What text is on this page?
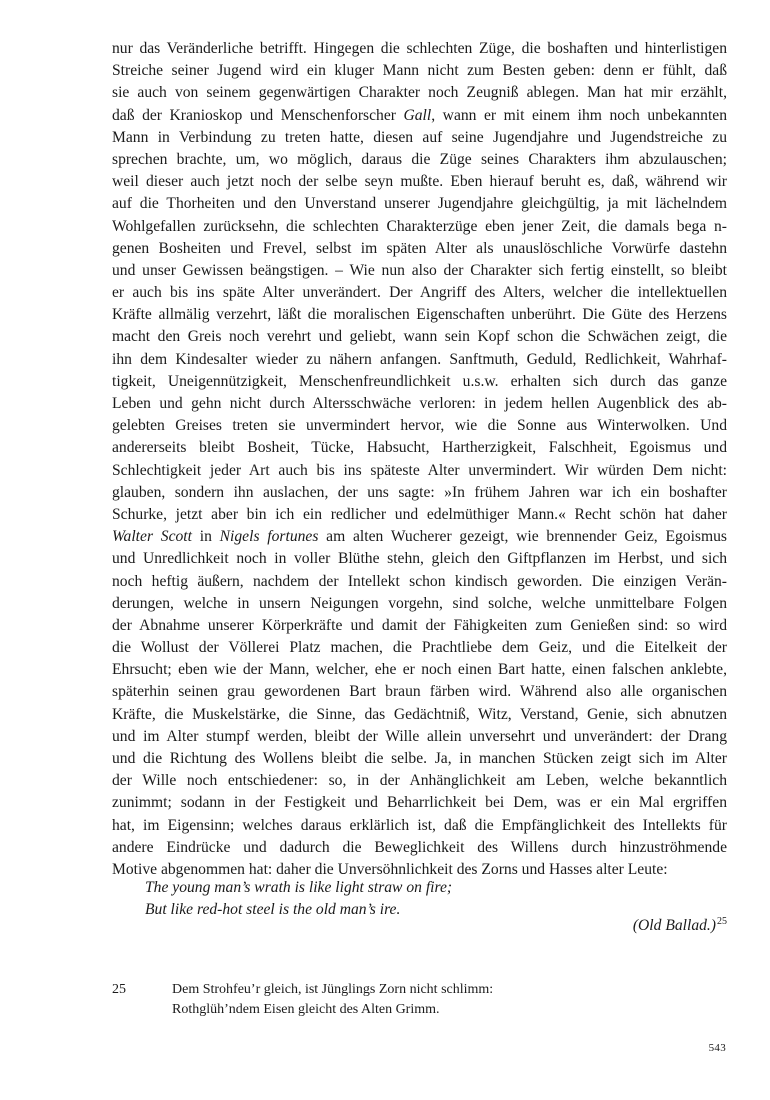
nur das Veränderliche betrifft. Hingegen die schlechten Züge, die boshaften und hinterlistigen
Streiche seiner Jugend wird ein kluger Mann nicht zum Besten geben: denn er fühlt, daß
sie auch von seinem gegenwärtigen Charakter noch Zeugniß ablegen. Man hat mir erzählt,
daß der Kranioskop und Menschenforscher Gall, wann er mit einem ihm noch unbekannten
Mann in Verbindung zu treten hatte, diesen auf seine Jugendjahre und Jugendstreiche zu
sprechen brachte, um, wo möglich, daraus die Züge seines Charakters ihm abzulauschen;
weil dieser auch jetzt noch der selbe seyn mußte. Eben hierauf beruht es, daß, während wir
auf die Thorheiten und den Unverstand unserer Jugendjahre gleichgültig, ja mit lächelndem
Wohlgefallen zurücksehn, die schlechten Charakterzüge eben jener Zeit, die damals bega n-
genen Bosheiten und Frevel, selbst im späten Alter als unauslöschliche Vorwürfe dastehn
und unser Gewissen beängstigen. – Wie nun also der Charakter sich fertig einstellt, so bleibt
er auch bis ins späte Alter unverändert. Der Angriff des Alters, welcher die intellektuellen
Kräfte allmälig verzehrt, läßt die moralischen Eigenschaften unberührt. Die Güte des Herzens
macht den Greis noch verehrt und geliebt, wann sein Kopf schon die Schwächen zeigt, die
ihn dem Kindesalter wieder zu nähern anfangen. Sanftmuth, Geduld, Redlichkeit, Wahrhaf-
tigkeit, Uneigennützigkeit, Menschenfreundlichkeit u.s.w. erhalten sich durch das ganze
Leben und gehn nicht durch Altersschwäche verloren: in jedem hellen Augenblick des ab-
gelebten Greises treten sie unvermindert hervor, wie die Sonne aus Winterwolken. Und
andererseits bleibt Bosheit, Tücke, Habsucht, Hartherzigkeit, Falschheit, Egoismus und
Schlechtigkeit jeder Art auch bis ins späteste Alter unvermindert. Wir würden Dem nicht:
glauben, sondern ihn auslachen, der uns sagte: »In frühem Jahren war ich ein boshafter
Schurke, jetzt aber bin ich ein redlicher und edelmüthiger Mann.« Recht schön hat daher
Walter Scott in Nigels fortunes am alten Wucherer gezeigt, wie brennender Geiz, Egoismus
und Unredlichkeit noch in voller Blüthe stehn, gleich den Giftpflanzen im Herbst, und sich
noch heftig äußern, nachdem der Intellekt schon kindisch geworden. Die einzigen Verän-
derungen, welche in unsern Neigungen vorgehn, sind solche, welche unmittelbare Folgen
der Abnahme unserer Körperkräfte und damit der Fähigkeiten zum Genießen sind: so wird
die Wollust der Völlerei Platz machen, die Prachtliebe dem Geiz, und die Eitelkeit der
Ehrsucht; eben wie der Mann, welcher, ehe er noch einen Bart hatte, einen falschen anklebte,
späterhin seinen grau gewordenen Bart braun färben wird. Während also alle organischen
Kräfte, die Muskelstärke, die Sinne, das Gedächtniß, Witz, Verstand, Genie, sich abnutzen
und im Alter stumpf werden, bleibt der Wille allein unversehrt und unverändert: der Drang
und die Richtung des Wollens bleibt die selbe. Ja, in manchen Stücken zeigt sich im Alter
der Wille noch entschiedener: so, in der Anhänglichkeit am Leben, welche bekanntlich
zunimmt; sodann in der Festigkeit und Beharrlichkeit bei Dem, was er ein Mal ergriffen
hat, im Eigensinn; welches daraus erklärlich ist, daß die Empfänglichkeit des Intellekts für
andere Eindrücke und dadurch die Beweglichkeit des Willens durch hinzuströhmende
Motive abgenommen hat: daher die Unversöhnlichkeit des Zorns und Hasses alter Leute:
The young man’s wrath is like light straw on fire;
But like red-hot steel is the old man’s ire.
(Old Ballad.)$^{25}$
25	Dem Strohfeu’r gleich, ist Jünglings Zorn nicht schlimm:
Rothglüh’ndem Eisen gleicht des Alten Grimm.
543
